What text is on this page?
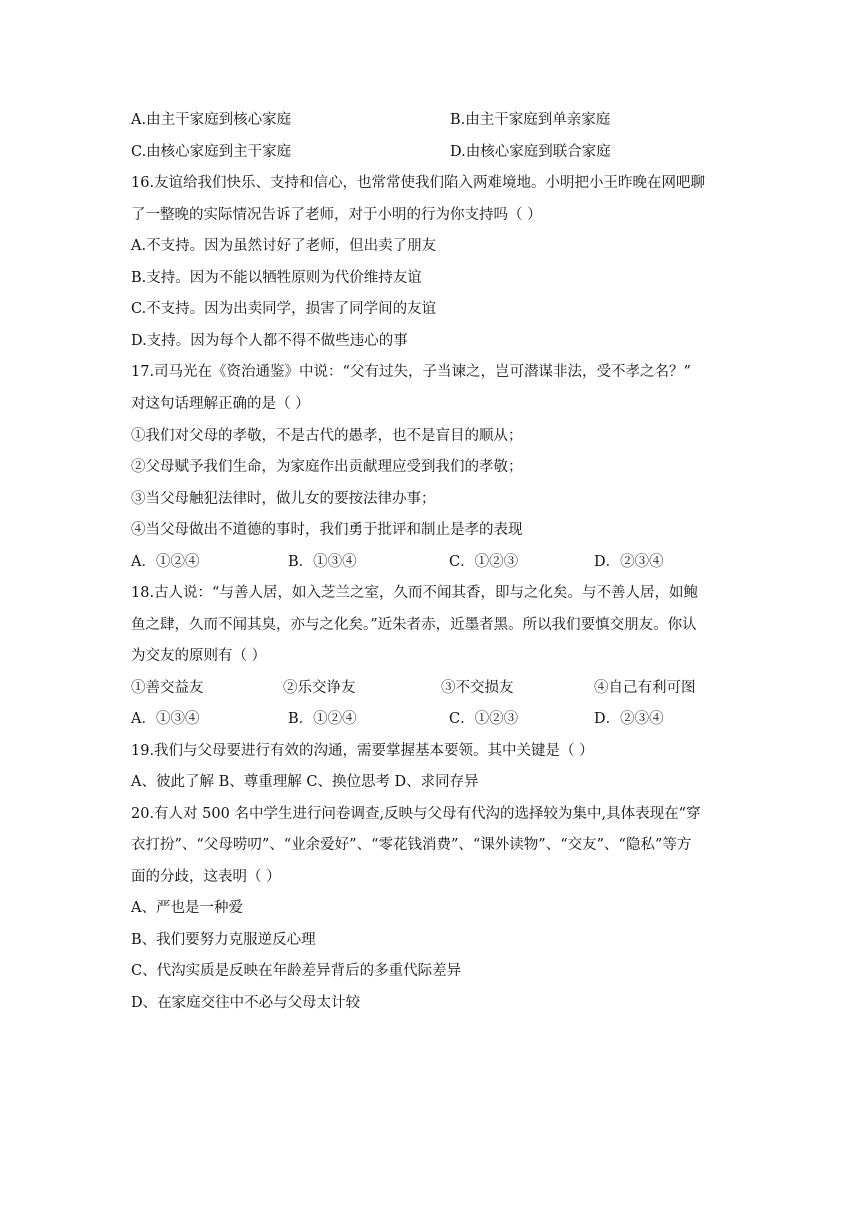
A.由主干家庭到核心家庭	B.由主干家庭到单亲家庭
C.由核心家庭到主干家庭	D.由核心家庭到联合家庭
16.友谊给我们快乐、支持和信心，也常常使我们陷入两难境地。小明把小王昨晚在网吧聊
了一整晚的实际情况告诉了老师，对于小明的行为你支持吗（ ）
A.不支持。因为虽然讨好了老师，但出卖了朋友
B.支持。因为不能以牺牲原则为代价维持友谊
C.不支持。因为出卖同学，损害了同学间的友谊
D.支持。因为每个人都不得不做些违心的事
17.司马光在《资治通鉴》中说：“父有过失，子当谏之，岂可潜谋非法，受不孝之名？”
对这句话理解正确的是（ ）
①我们对父母的孝敬，不是古代的愚孝，也不是盲目的顺从；
②父母赋予我们生命，为家庭作出贡献理应受到我们的孝敬；
③当父母触犯法律时，做儿女的要按法律办事；
④当父母做出不道德的事时，我们勇于批评和制止是孝的表现
A．①②④	B．①③④	C．①②③	D．②③④
18.古人说：“与善人居，如入芝兰之室，久而不闻其香，即与之化矣。与不善人居，如鲍
鱼之肆，久而不闻其臭，亦与之化矣。”近朱者赤，近墨者黑。所以我们要慎交朋友。你认
为交友的原则有（ ）
①善交益友	②乐交诤友	③不交损友	④自己有利可图
A．①③④	B．①②④	C．①②③	D．②③④
19.我们与父母要进行有效的沟通，需要掌握基本要领。其中关键是（ ）
A、彼此了解 B、尊重理解 C、换位思考 D、求同存异
20.有人对 500 名中学生进行问卷调查,反映与父母有代沟的选择较为集中,具体表现在“穿
衣打扮”、“父母唠叨”、“业余爱好”、“零花钱消费”、“课外读物”、“交友”、“隐私”等方
面的分歧，这表明（ ）
A、严也是一种爱
B、我们要努力克服逆反心理
C、代沟实质是反映在年龄差异背后的多重代际差异
D、在家庭交往中不必与父母太计较
